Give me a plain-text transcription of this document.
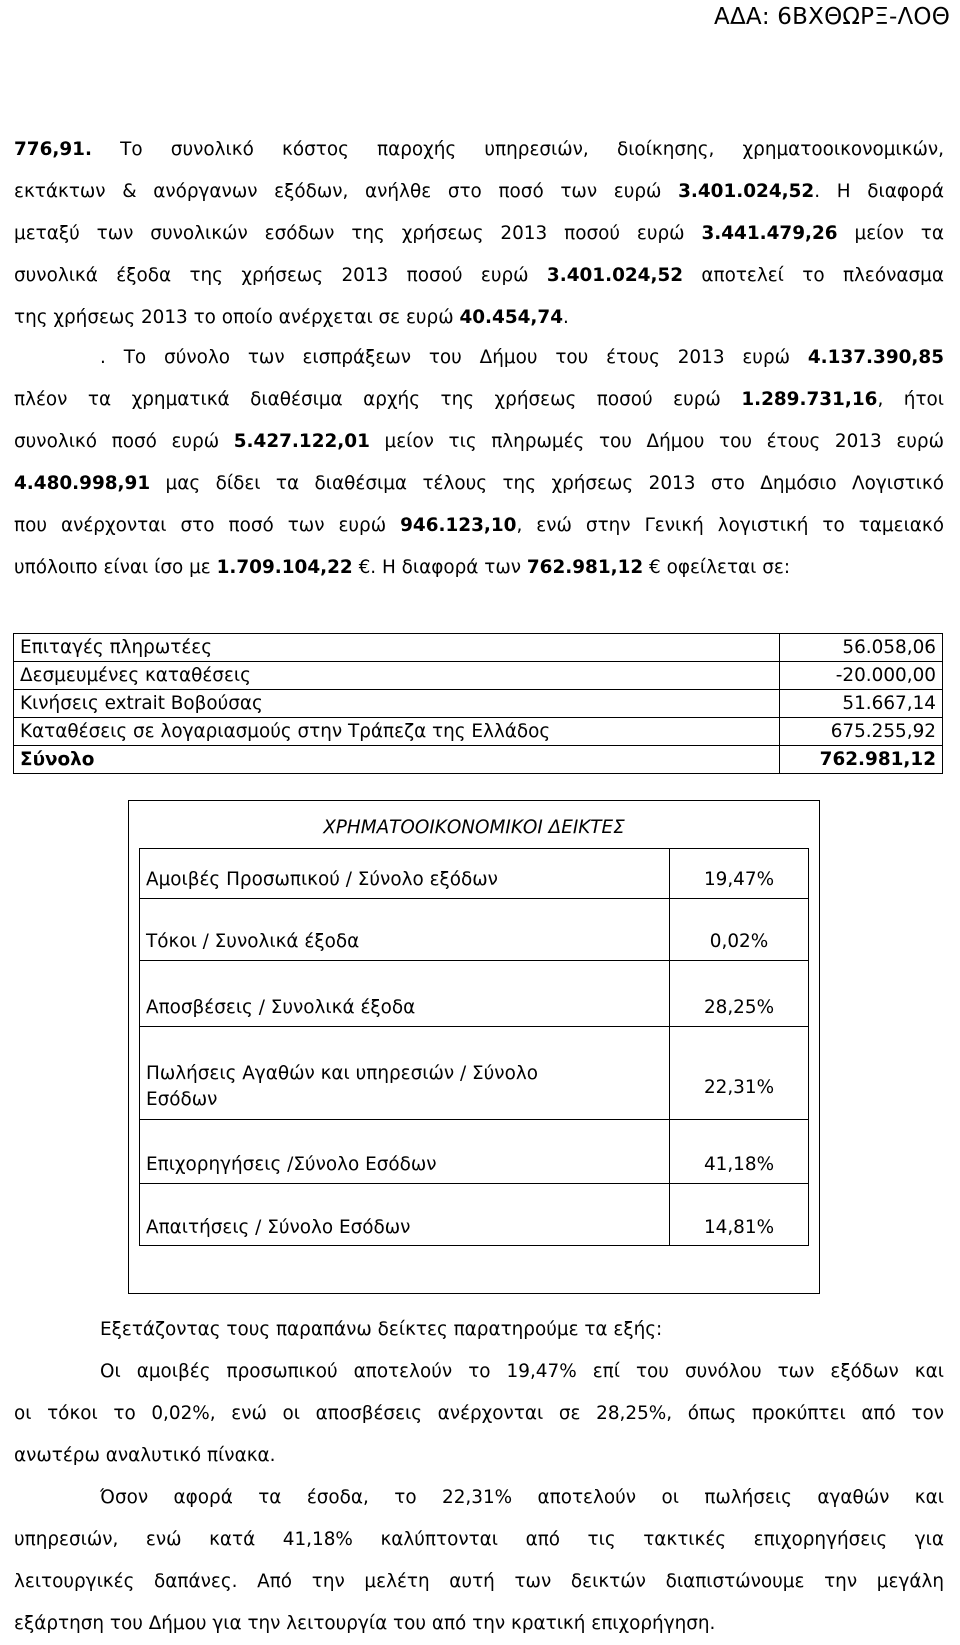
ΑΔΑ: 6ΒΧΘΩΡΞ-ΛΟΘ
776,91. Το συνολικό κόστος παροχής υπηρεσιών, διοίκησης, χρηματοοικονομικών,
εκτάκτων & ανόργανων εξόδων, ανήλθε στο ποσό των ευρώ 3.401.024,52. Η διαφορά
μεταξύ των συνολικών εσόδων της χρήσεως 2013 ποσού ευρώ 3.441.479,26 μείον τα
συνολικά έξοδα της χρήσεως 2013 ποσού ευρώ 3.401.024,52 αποτελεί το πλεόνασμα
της χρήσεως 2013 το οποίο ανέρχεται σε ευρώ 40.454,74.
. Το σύνολο των εισπράξεων του Δήμου του έτους 2013 ευρώ 4.137.390,85
πλέον τα χρηματικά διαθέσιμα αρχής της χρήσεως ποσού ευρώ 1.289.731,16, ήτοι
συνολικό ποσό ευρώ 5.427.122,01 μείον τις πληρωμές του Δήμου του έτους 2013 ευρώ
4.480.998,91 μας δίδει τα διαθέσιμα τέλους της χρήσεως 2013 στο Δημόσιο Λογιστικό
που ανέρχονται στο ποσό των ευρώ 946.123,10, ενώ στην Γενική λογιστική το ταμειακό
υπόλοιπο είναι ίσο με 1.709.104,22 €. Η διαφορά των 762.981,12 € οφείλεται σε:
Επιταγές πληρωτέες	56.058,06
Δεσμευμένες καταθέσεις	-20.000,00
Κινήσεις extrait Βοβούσας	51.667,14
Καταθέσεις σε λογαριασμούς στην Τράπεζα της Ελλάδος	675.255,92
Σύνολο	762.981,12
ΧΡΗΜΑΤΟΟΙΚΟΝΟΜΙΚΟΙ ΔΕΙΚΤΕΣ

Αμοιβές Προσωπικού / Σύνολο εξόδων	19,47%

Τόκοι / Συνολικά έξοδα	0,02%

Αποσβέσεις / Συνολικά έξοδα	28,25%

Πωλήσεις Αγαθών και υπηρεσιών / Σύνολο
Εσόδων	22,31%

Επιχορηγήσεις /Σύνολο Εσόδων	41,18%

Απαιτήσεις / Σύνολο Εσόδων	14,81%
Εξετάζοντας τους παραπάνω δείκτες παρατηρούμε τα εξής:
Οι αμοιβές προσωπικού αποτελούν το 19,47% επί του συνόλου των εξόδων και
οι τόκοι το 0,02%, ενώ οι αποσβέσεις ανέρχονται σε 28,25%, όπως προκύπτει από τον
ανωτέρω αναλυτικό πίνακα.
Όσον αφορά τα έσοδα, το 22,31% αποτελούν οι πωλήσεις αγαθών και
υπηρεσιών, ενώ κατά 41,18% καλύπτονται από τις τακτικές επιχορηγήσεις για
λειτουργικές δαπάνες. Από την μελέτη αυτή των δεικτών διαπιστώνουμε την μεγάλη
εξάρτηση του Δήμου για την λειτουργία του από την κρατική επιχορήγηση.
